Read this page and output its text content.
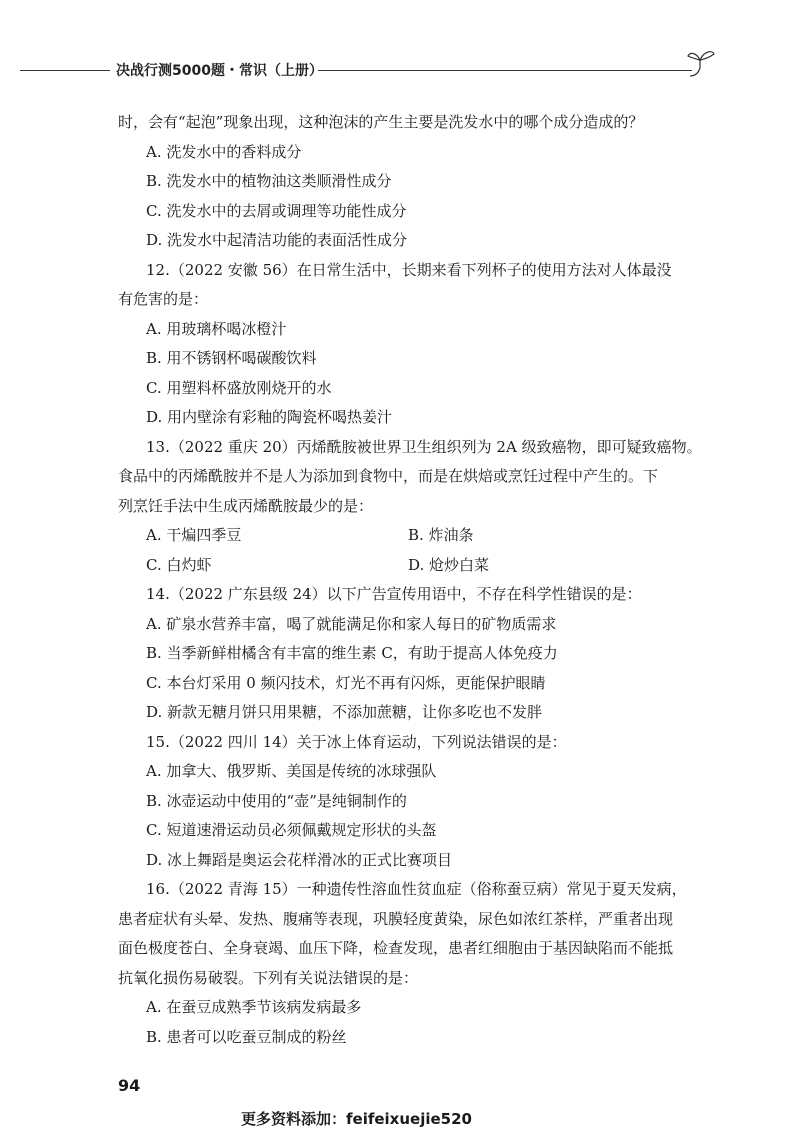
决战行测5000题・常识（上册）

时，会有“起泡”现象出现，这种泡沫的产生主要是洗发水中的哪个成分造成的？

A. 洗发水中的香料成分

B. 洗发水中的植物油这类顺滑性成分

C. 洗发水中的去屑或调理等功能性成分

D. 洗发水中起清洁功能的表面活性成分

12.（2022 安徽 56）在日常生活中，长期来看下列杯子的使用方法对人体最没

有危害的是：

A. 用玻璃杯喝冰橙汁

B. 用不锈钢杯喝碳酸饮料

C. 用塑料杯盛放刚烧开的水

D. 用内壁涂有彩釉的陶瓷杯喝热姜汁

13.（2022 重庆 20）丙烯酰胺被世界卫生组织列为 2A 级致癌物，即可疑致癌物。

食品中的丙烯酰胺并不是人为添加到食物中，而是在烘焙或烹饪过程中产生的。下

列烹饪手法中生成丙烯酰胺最少的是：

A. 干煸四季豆	B. 炸油条
C. 白灼虾	D. 炝炒白菜

14.（2022 广东县级 24）以下广告宣传用语中，不存在科学性错误的是：

A. 矿泉水营养丰富，喝了就能满足你和家人每日的矿物质需求

B. 当季新鲜柑橘含有丰富的维生素 C，有助于提高人体免疫力

C. 本台灯采用 0 频闪技术，灯光不再有闪烁，更能保护眼睛

D. 新款无糖月饼只用果糖，不添加蔗糖，让你多吃也不发胖

15.（2022 四川 14）关于冰上体育运动，下列说法错误的是：

A. 加拿大、俄罗斯、美国是传统的冰球强队

B. 冰壶运动中使用的“壶”是纯铜制作的

C. 短道速滑运动员必须佩戴规定形状的头盔

D. 冰上舞蹈是奥运会花样滑冰的正式比赛项目

16.（2022 青海 15）一种遗传性溶血性贫血症（俗称蚕豆病）常见于夏天发病，

患者症状有头晕、发热、腹痛等表现，巩膜轻度黄染，尿色如浓红茶样，严重者出现

面色极度苍白、全身衰竭、血压下降，检查发现，患者红细胞由于基因缺陷而不能抵

抗氧化损伤易破裂。下列有关说法错误的是：

A. 在蚕豆成熟季节该病发病最多

B. 患者可以吃蚕豆制成的粉丝

94
更多资料添加：feifeixuejie520
